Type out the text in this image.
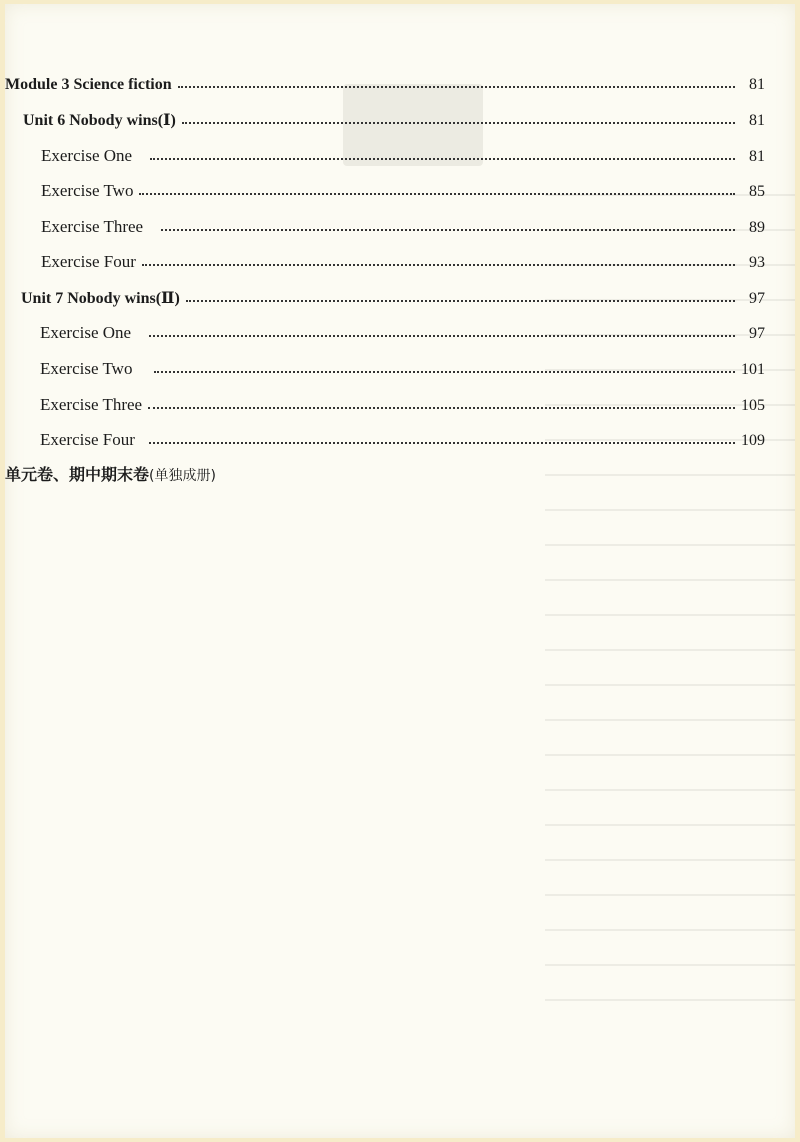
Module 3 Science fiction	81
Unit 6 Nobody wins(Ⅰ)	81
Exercise One	81
Exercise Two	85
Exercise Three	89
Exercise Four	93
Unit 7 Nobody wins(Ⅱ)	97
Exercise One	97
Exercise Two	101
Exercise Three	105
Exercise Four	109
单元卷、期中期末卷(单独成册)
